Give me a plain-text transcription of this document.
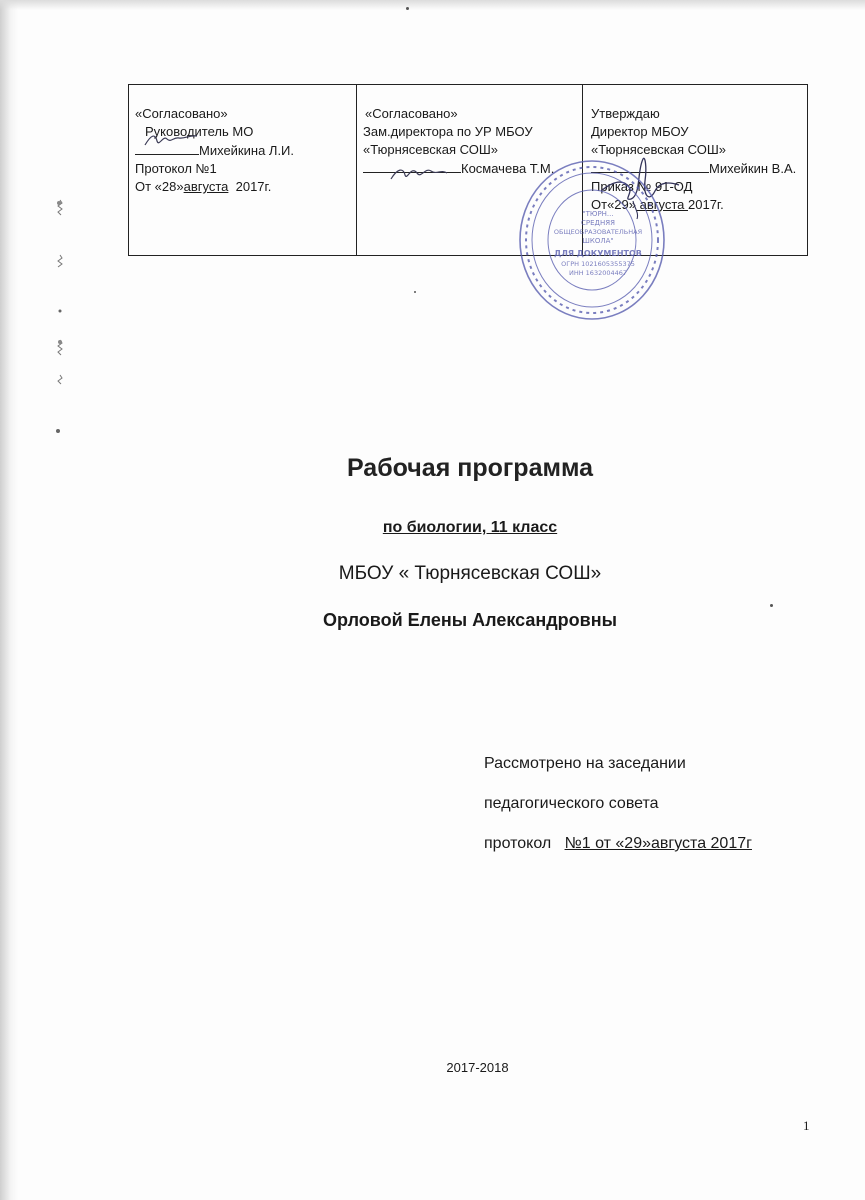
«Согласовано»
Руководитель МО
Михейкина Л.И.
Протокол №1
От «28»августа  2017г.
«Согласовано»
Зам.директора по УР МБОУ
«Тюрнясевская СОШ»
Космачева Т.М.
Утверждаю
Директор МБОУ
«Тюрнясевская СОШ»
Михейкин В.А.
Приказ № 91-ОД
От«29» августа 2017г.
"ТЮРН...
СРЕДНЯЯ
ОБЩЕОБРАЗОВАТЕЛЬНАЯ
ШКОЛА"
ДЛЯ ДОКУМЕНТОВ
ОГРН 1021605355375
ИНН 1632004467
Рабочая программа
по биологии, 11 класс
МБОУ « Тюрнясевская СОШ»
Орловой Елены Александровны
Рассмотрено на заседании
педагогического совета
протокол   №1 от «29»августа 2017г
2017-2018
1
